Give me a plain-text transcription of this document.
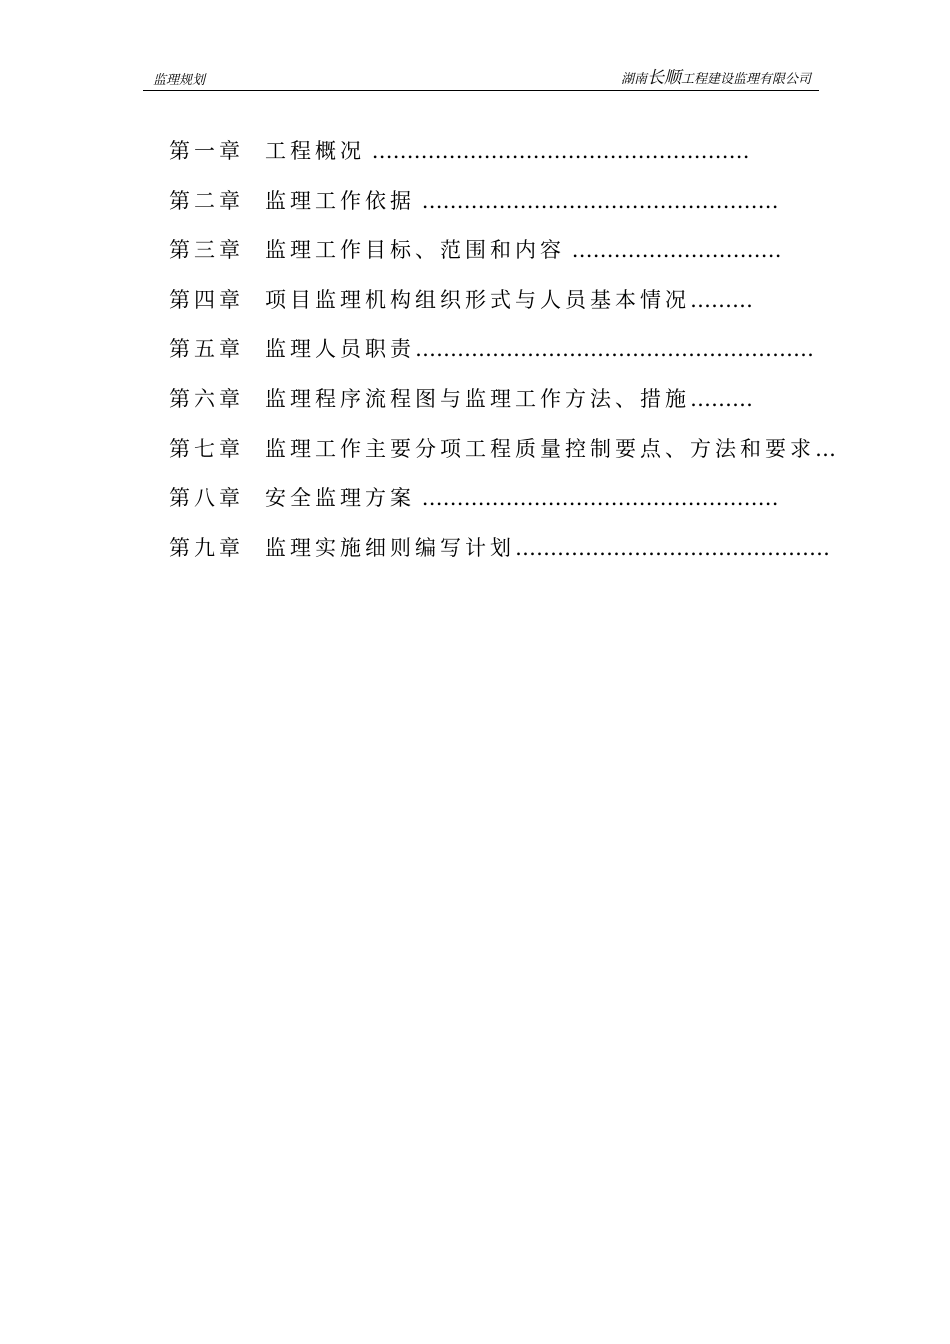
监理规划	湖南长顺工程建设监理有限公司
第一章 工程概况 ………………………………………………
第二章 监理工作依据 ……………………………………………
第三章 监理工作目标、范围和内容 …………………………
第四章 项目监理机构组织形式与人员基本情况………
第五章 监理人员职责…………………………………………………
第六章 监理程序流程图与监理工作方法、措施………
第七章 监理工作主要分项工程质量控制要点、方法和要求…
第八章 安全监理方案 ……………………………………………
第九章 监理实施细则编写计划………………………………………
